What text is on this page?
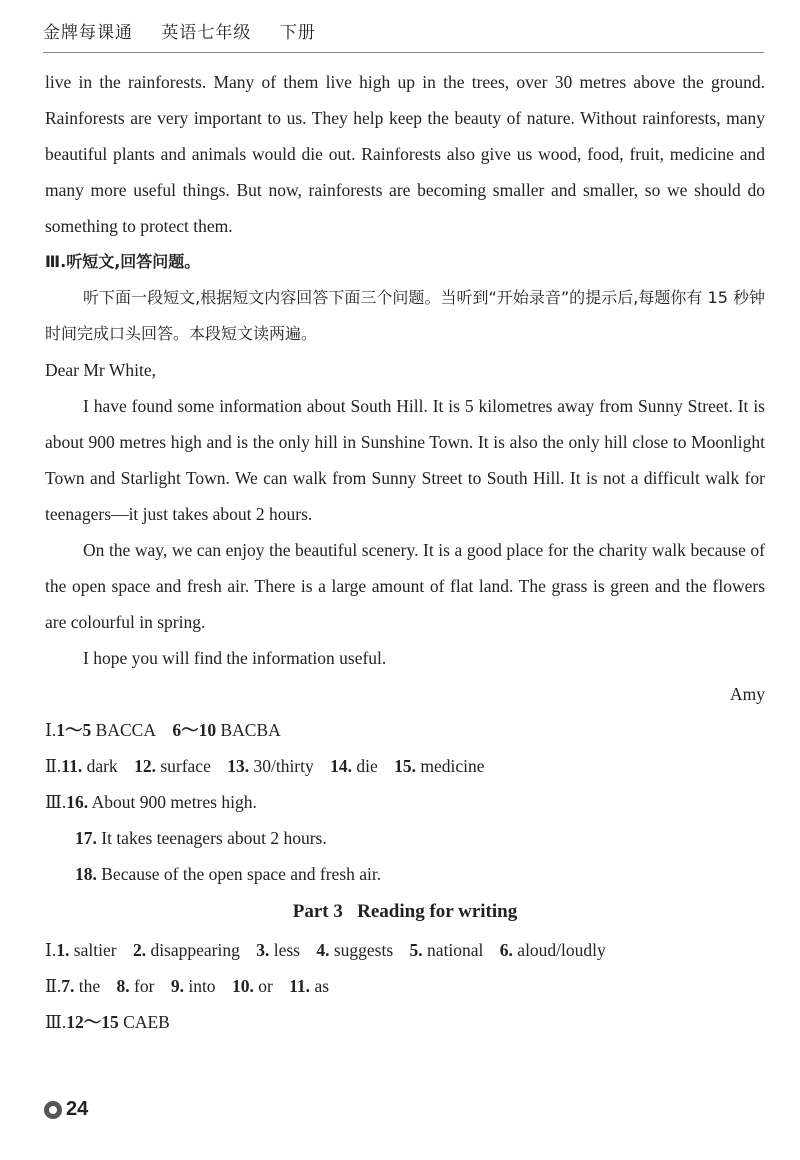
金牌每课通 英语七年级 下册

live in the rainforests. Many of them live high up in the trees, over 30 metres above the ground. Rainforests are very important to us. They help keep the beauty of nature. Without rainforests, many beautiful plants and animals would die out. Rainforests also give us wood, food, fruit, medicine and many more useful things. But now, rainforests are becoming smaller and smaller, so we should do something to protect them.

Ⅲ.听短文,回答问题。

听下面一段短文,根据短文内容回答下面三个问题。当听到“开始录音”的提示后,每题你有 15 秒钟时间完成口头回答。本段短文读两遍。

Dear Mr White,

I have found some information about South Hill. It is 5 kilometres away from Sunny Street. It is about 900 metres high and is the only hill in Sunshine Town. It is also the only hill close to Moonlight Town and Starlight Town. We can walk from Sunny Street to South Hill. It is not a difficult walk for teenagers—it just takes about 2 hours.

On the way, we can enjoy the beautiful scenery. It is a good place for the charity walk because of the open space and fresh air. There is a large amount of flat land. The grass is green and the flowers are colourful in spring.

I hope you will find the information useful.

Amy

Ⅰ.1～5 BACCA 6～10 BACBA

Ⅱ.11. dark 12. surface 13. 30/thirty 14. die 15. medicine

Ⅲ.16. About 900 metres high.

17. It takes teenagers about 2 hours.

18. Because of the open space and fresh air.

Part 3   Reading for writing

Ⅰ.1. saltier 2. disappearing 3. less 4. suggests 5. national 6. aloud/loudly

Ⅱ.7. the 8. for 9. into 10. or 11. as

Ⅲ.12～15 CAEB

24
